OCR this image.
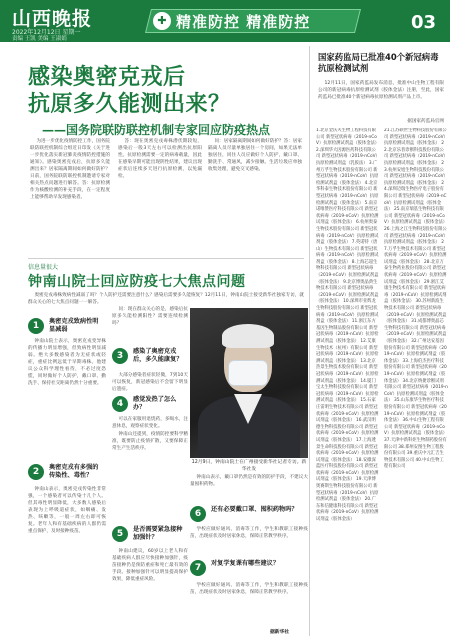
山西晚报
2022年12月12日 星期一
责编 王凯 美编 王淑娟
✚ 精准防控 精准防控	03
感染奥密克戎后
抗原多久能测出来？
——国务院联防联控机制专家回应防疫热点

为进一步优化疫情防控工作，国务院联防联控机制综合组近日印发《关于进一步优化落实新冠肺炎疫情防控措施的通知》。感染奥密克戎后，抗原多久能测出来？居家隔离期间如何做好防护？日前，国务院联防联控机制邀请专家对相关热点问题进行解答。答：抗原检测作为核酸检测的补充手段，在一定程度上能够帮助早发现感染者。

答：现在奥密克戎毒株潜伏期较短，感染后一般3天左右可以检测出抗原阳性。抗原检测需要一定的病毒载量，因此在感染早期可能出现阴性结果，建议出现症状后连续多天进行抗原检测，以免漏检。

问：居家隔离期间如何做好防护？答：居家隔离人员尽量单独居住一个房间，如果无法单独居住，同住人员应做好个人防护，戴口罩、勤洗手、常通风，减少接触。生活垃圾应单独收集处理，避免交叉感染。

国家药监局已批准40个新冠病毒抗原检测试剂

12月11日，国家药监局发布消息，批准中山生物工程有限公司的新冠病毒抗原检测试剂（胶体金法）注册，至此，国家药监局已批准40个新冠病毒抗原检测试剂产品上市。

据国家药监局官网
1.北京金沃夫生物工程科技有限公司 新型冠状病毒（2019-nCoV）抗原检测试剂盒（胶体金法） 2.深圳华大因源医药科技有限公司 新型冠状病毒（2019-nCoV）抗原检测试剂盒（乳胶法） 3.广州万孚生物技术股份有限公司 新型冠状病毒（2019-nCoV）抗原检测试剂盒（胶体金法） 4.北京华科泰生物技术股份有限公司 新型冠状病毒（2019-nCoV）抗原检测试剂盒（胶体金法） 5.南京诺唯赞医疗科技有限公司 新型冠状病毒（2019-nCoV）抗原检测试剂盒（胶体金法） 6.杭州奥泰生物技术股份有限公司 新型冠状病毒（2019-nCoV）抗原检测试剂盒（胶体金法） 7.英诺特（唐山）生物技术有限公司 新型冠状病毒（2019-nCoV）抗原检测试剂盒（胶体金法） 8.上海芯超生物科技有限公司 新型冠状病毒（2019-nCoV）抗原检测试剂盒（胶体金法） 9.北京博奥晶典生物技术有限公司 新型冠状病毒（2019-nCoV）抗原检测试剂盒（胶体金法） 10.深圳市亚辉龙生物科技股份有限公司 新型冠状病毒（2019-nCoV）抗原检测试剂盒（胶体金法） 11.浙江东方基因生物制品股份有限公司 新型冠状病毒（2019-nCoV）抗原检测试剂盒（胶体金法） 12.艾康生物技术（杭州）有限公司 新型冠状病毒（2019-nCoV）抗原检测试剂盒（胶体金法） 13.北京热景生物技术股份有限公司 新型冠状病毒（2019-nCoV）抗原检测试剂盒（胶体金法） 14.厦门宝太生物科技股份有限公司 新型冠状病毒（2019-nCoV）抗原检测试剂盒（胶体金法） 15.石家庄雷明生物技术有限公司 新型冠状病毒（2019-nCoV）抗原检测试剂盒（胶体金法） 16.武汉明德生物科技股份有限公司 新型冠状病毒（2019-nCoV）抗原检测试剂盒（胶体金法） 17.上海透景生命科技股份有限公司 新型冠状病毒（2019-nCoV）抗原检测试剂盒（胶体金法） 18.安徽深蓝医疗科技股份有限公司 新型冠状病毒（2019-nCoV）抗原检测试剂盒（胶体金法） 19.天津博奥赛斯生物科技股份有限公司 新型冠状病毒（2019-nCoV）抗原检测试剂盒（胶体金法） 20.广东和信健康科技有限公司 新型冠状病毒（2019-nCoV）抗原检测试剂盒（胶体金法）
21.江苏硕世生物科技股份有限公司 新型冠状病毒（2019-nCoV）抗原检测试剂盒（胶体金法） 22.北京乐普诊断科技股份有限公司 新型冠状病毒（2019-nCoV）抗原检测试剂盒（胶体金法） 23.杭州安旭生物科技股份有限公司 新型冠状病毒（2019-nCoV）抗原检测试剂盒（胶体金法） 24.深圳迈瑞生物医疗电子股份有限公司 新型冠状病毒（2019-nCoV）抗原检测试剂盒（胶体金法） 25.南京瑞基生物科技有限公司 新型冠状病毒（2019-nCoV）抗原检测试剂盒（胶体金法） 26.上海之江生物科技股份有限公司 新型冠状病毒（2019-nCoV）抗原检测试剂盒（胶体金法） 27.万孚生物技术有限公司 新型冠状病毒（2019-nCoV）抗原检测试剂盒（胶体金法） 28.北京万泰生物药业股份有限公司 新型冠状病毒（2019-nCoV）抗原检测试剂盒（胶体金法） 29.浙江艾康生物技术有限公司 新型冠状病毒（2019-nCoV）抗原检测试剂盒（胶体金法） 30.苏州新波生物技术有限公司 新型冠状病毒（2019-nCoV）抗原检测试剂盒（胶体金法） 31.成都博奥晶芯生物科技有限公司 新型冠状病毒（2019-nCoV）抗原检测试剂盒（胶体金法） 32.广州达安基因股份有限公司 新型冠状病毒（2019-nCoV）抗原检测试剂盒（胶体金法） 33.上海伯杰医疗科技股份有限公司 新型冠状病毒（2019-nCoV）抗原检测试剂盒（胶体金法） 34.北京纳捷诊断试剂有限公司 新型冠状病毒（2019-nCoV）抗原检测试剂盒（胶体金法） 35.山东康华生物医疗科技股份有限公司 新型冠状病毒（2019-nCoV）抗原检测试剂盒（胶体金法） 36.中山生物工程有限公司 新型冠状病毒（2019-nCoV）抗原检测试剂盒（胶体金法） 37.天津中新科炬生物制药股份有限公司 38.郑州安图生物工程股份有限公司 39.重庆中元汇吉生物技术有限公司 40.中山生物工程有限公司
信息量很大
钟南山院士回应防疫七大焦点问题

奥密克戎毒株致病性减弱了吗？个人防护还需要注意什么？感染后需要多久能恢复？12月11日，钟南山院士接受新华社独家专访，就群众关心的七大焦点问题一一解答。

12月9日，钟南山院士在广州接受新华社记者专访。新华社发
1	奥密克戎致病性明显减弱

钟南山院士表示，奥密克戎变异株的传播力明显增强，但致病性明显减弱。绝大多数感染者为无症状或轻症，重症比例远低于早期毒株。他建议公众科学理性看待，不必过度恐慌，同时做好个人防护，戴口罩、勤洗手、保持社交距离仍然十分重要。

2	奥密克戎有多强的传染性、毒性？

钟南山表示，奥密克戎传染性非常强，一个感染者可以传染十几个人。但其毒性明显降低，大多数人感染后表现为上呼吸道症状，如咽痛、发热、咳嗽等，一般一周左右即可恢复。老年人和有基础疾病的人群仍需重点保护，及时接种疫苗。

问：现在群众关心的是，感染后抗原多久能检测阳性？需要连续检测吗？

3	感染了奥密克戎后，多久能康复？

大部分感染者症状轻微，7到10天可以恢复，新冠感染后不会留下明显后遗症。

4	感觉发热了怎么办？

可以在家服用退烧药，多喝水，注意休息，观察症状变化。

钟南山还提到，疫情防控要科学精准，既要防止疫情扩散，又要保障正常生产生活秩序。

5	是否需要紧急接种加强针？

钟南山建议，60岁以上老人和有基础疾病人群应尽快接种加强针，疫苗接种仍是预防重症和死亡最有效的手段。接种加强针可以明显提高保护效果，降低重症风险。

钟南山表示，戴口罩仍然是有效的防护手段，不建议大量囤积药物。

6	还有必要戴口罩、囤积药物吗？

学校应做好通风、消毒等工作，学生和教职工接种疫苗，出现症状及时居家休息，保障正常教学秩序。

7	对复学复课有哪些建议？

学校应做好通风、消毒等工作，学生和教职工接种疫苗，出现症状及时居家休息，保障正常教学秩序。

据新华社
